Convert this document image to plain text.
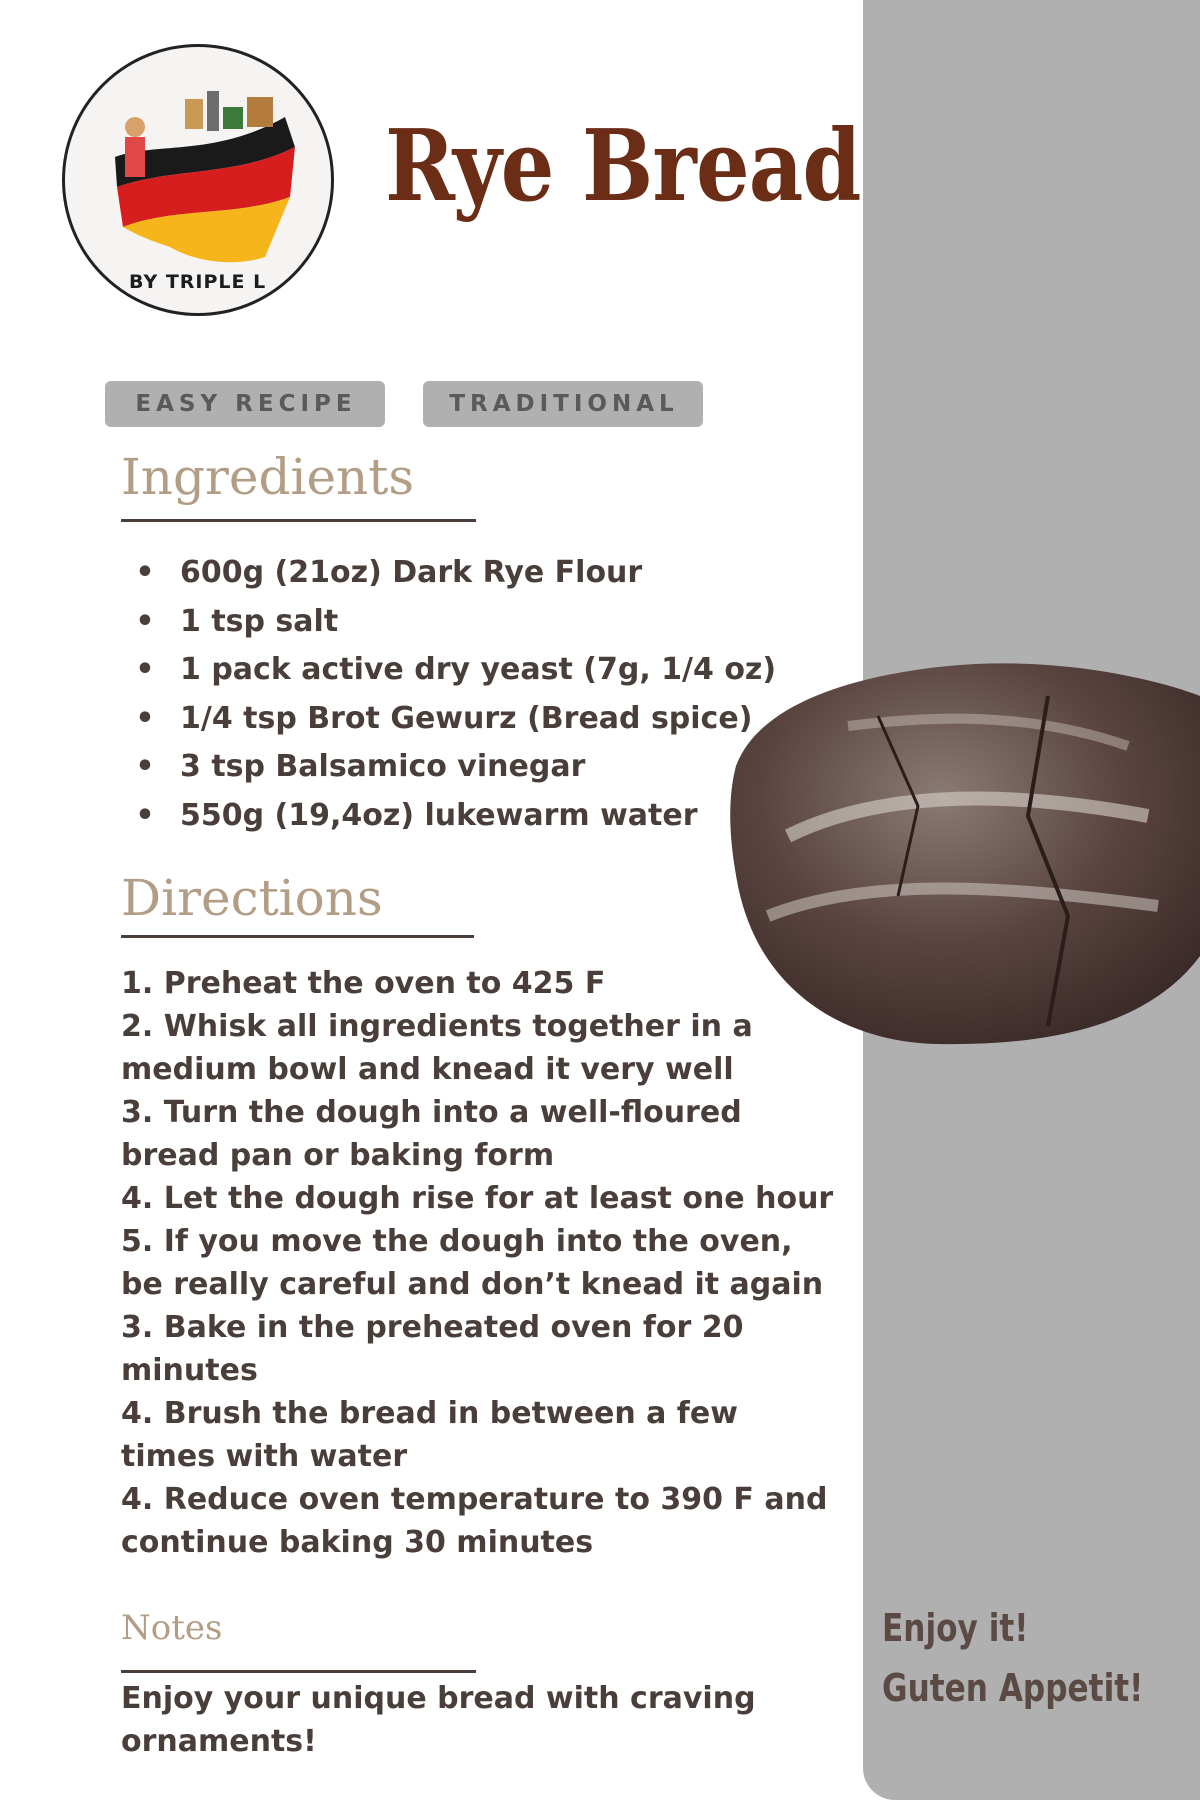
BY TRIPLE L
Rye Bread
EASY RECIPE	TRADITIONAL
Ingredients
• 600g (21oz) Dark Rye Flour
• 1 tsp salt
• 1 pack active dry yeast (7g, 1/4 oz)
• 1/4 tsp Brot Gewurz (Bread spice)
• 3 tsp Balsamico vinegar
• 550g (19,4oz) lukewarm water
Directions
1. Preheat the oven to 425 F
2. Whisk all ingredients together in a
medium bowl and knead it very well
3. Turn the dough into a well-floured
bread pan or baking form
4. Let the dough rise for at least one hour
5. If you move the dough into the oven,
be really careful and don’t knead it again
3. Bake in the preheated oven for 20
minutes
4. Brush the bread in between a few
times with water
4. Reduce oven temperature to 390 F and
continue baking 30 minutes
Notes
Enjoy your unique bread with craving
ornaments!
Enjoy it!
Guten Appetit!
